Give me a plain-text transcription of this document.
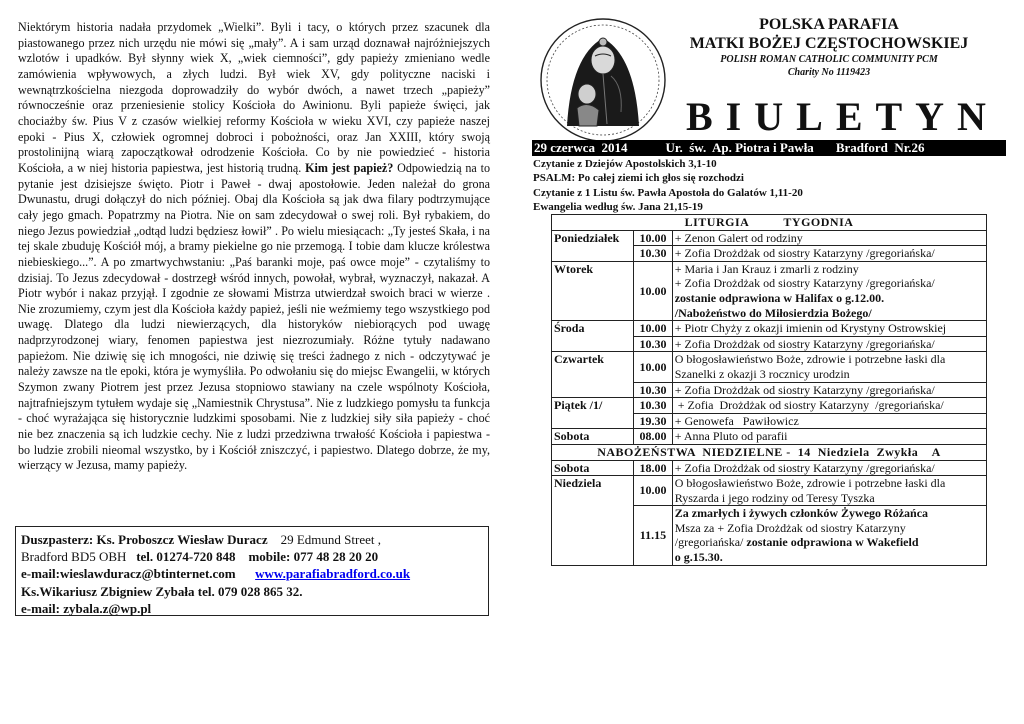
Niektórym historia nadała przydomek „Wielki”. Byli i tacy, o których przez szacunek dla piastowanego przez nich urzędu nie mówi się „mały”. A i sam urząd doznawał najróżniejszych wzlotów i upadków. Był słynny wiek X, „wiek ciemności”, gdy papieży zmieniano wedle zamówienia wpływowych, a złych ludzi. Był wiek XV, gdy polityczne naciski i wewnątrzkościelna niezgoda doprowadziły do wybór dwóch, a nawet trzech „papieży” równocześnie oraz przeniesienie stolicy Kościoła do Awinionu. Byli papieże święci, jak chociażby św. Pius V z czasów wielkiej reformy Kościoła w wieku XVI, czy papieże naszej epoki - Pius X, człowiek ogromnej dobroci i pobożności, oraz Jan XXIII, który swoją prostolinijną wiarą zapoczątkował odrodzenie Kościoła. Co by nie powiedzieć - historia Kościoła, a w niej historia papiestwa, jest historią trudną. Kim jest papież? Odpowiedzią na to pytanie jest dzisiejsze święto. Piotr i Paweł - dwaj apostołowie. Jeden należał do grona Dwunastu, drugi dołączył do nich później. Obaj dla Kościoła są jak dwa filary podtrzymujące cały jego gmach. Popatrzmy na Piotra. Nie on sam zdecydował o swej roli. Był rybakiem, do niego Jezus powiedział „odtąd ludzi będziesz łowił” . Po wielu miesiącach: „Ty jesteś Skała, i na tej skale zbuduję Kościół mój, a bramy piekielne go nie przemogą. I tobie dam klucze królestwa niebieskiego...”. A po zmartwychwstaniu: „Paś baranki moje, paś owce moje” - czytaliśmy to dzisiaj. To Jezus zdecydował - dostrzegł wśród innych, powołał, wybrał, wyznaczył, nakazał. A Piotr wybór i nakaz przyjął. I zgodnie ze słowami Mistrza utwierdzał swoich braci w wierze . Nie zrozumiemy, czym jest dla Kościoła każdy papież, jeśli nie weźmiemy tego wszystkiego pod uwagę. Dlatego dla ludzi niewierzących, dla historyków niebiorących pod uwagę nadprzyrodzonej wiary, fenomen papiestwa jest niezrozumiały. Różne tytuły nadawano papieżom. Nie dziwię się ich mnogości, nie dziwię się treści żadnego z nich - odczytywać je należy zawsze na tle epoki, która je wymyśliła. Po odwołaniu się do miejsc Ewangelii, w których Szymon zwany Piotrem jest przez Jezusa stopniowo stawiany na czele wspólnoty Kościoła, najtrafniejszym tytułem wydaje się „Namiestnik Chrystusa”. Nie z ludzkiego pomysłu ta funkcja - choć wyrażająca się historycznie ludzkimi sposobami. Nie z ludzkiej siły siła papieży - choć nie bez znaczenia są ich ludzkie cechy. Nie z ludzi przedziwna trwałość Kościoła i papiestwa - bo ludzie zrobili nieomal wszystko, by i Kościół zniszczyć, i papiestwo. Dlatego dobrze, że my, wierzący w Jezusa, mamy papieży.

Duszpasterz: Ks. Proboszcz Wiesław Duracz    29 Edmund Street ,
Bradford BD5 OBH   tel. 01274-720 848    mobile: 077 48 28 20 20
e-mail:wieslawduracz@btinternet.com www.parafiabradford.co.uk
Ks.Wikariusz Zbigniew Zybała tel. 079 028 865 32.
e-mail: zybala.z@wp.pl
POLSKA PARAFIA
MATKI BOŻEJ CZĘSTOCHOWSKIEJ
POLISH ROMAN CATHOLIC COMMUNITY PCM
Charity No 1119423
BIULETYN
29 czerwca  2014	Ur.  św.  Ap. Piotra i Pawła Bradford  Nr.26
Czytanie z Dziejów Apostolskich 3,1-10
PSALM: Po całej ziemi ich głos się rozchodzi
Czytanie z 1 Listu św. Pawła Apostoła do Galatów 1,11-20
Ewangelia według św. Jana 21,15-19
LITURGIA          TYGODNIA		
Poniedziałek	10.00	+ Zenon Galert od rodziny
	10.30	+ Zofia Drożdżak od siostry Katarzyny /gregoriańska/
Wtorek	10.00	+ Maria i Jan Krauz i zmarli z rodziny
+ Zofia Drożdżak od siostry Katarzyny /gregoriańska/
zostanie odprawiona w Halifax o g.12.00.
/Nabożeństwo do Miłosierdzia Bożego/

Środa	10.00	+ Piotr Chyży z okazji imienin od Krystyny Ostrowskiej
	10.30	+ Zofia Drożdżak od siostry Katarzyny /gregoriańska/
Czwartek	10.00	O błogosławieństwo Boże, zdrowie i potrzebne łaski dla
Szanelki z okazji 3 rocznicy urodzin

	10.30	+ Zofia Drożdżak od siostry Katarzyny /gregoriańska/
Piątek /1/	10.30	+ Zofia  Drożdżak od siostry Katarzyny  /gregoriańska/
	19.30	+ Genowefa   Pawiłowicz
Sobota	08.00	+ Anna Pluto od parafii
NABOŻEŃSTWA  NIEDZIELNE -  14  Niedziela  Zwykła    A		
Sobota	18.00	+ Zofia Drożdżak od siostry Katarzyny /gregoriańska/
Niedziela	10.00	O błogosławieństwo Boże, zdrowie i potrzebne łaski dla
Ryszarda i jego rodziny od Teresy Tyszka

	11.15	Za zmarłych i żywych członków Żywego Różańca
Msza za + Zofia Drożdżak od siostry Katarzyny
/gregoriańska/ zostanie odprawiona w Wakefield
o g.15.30.
